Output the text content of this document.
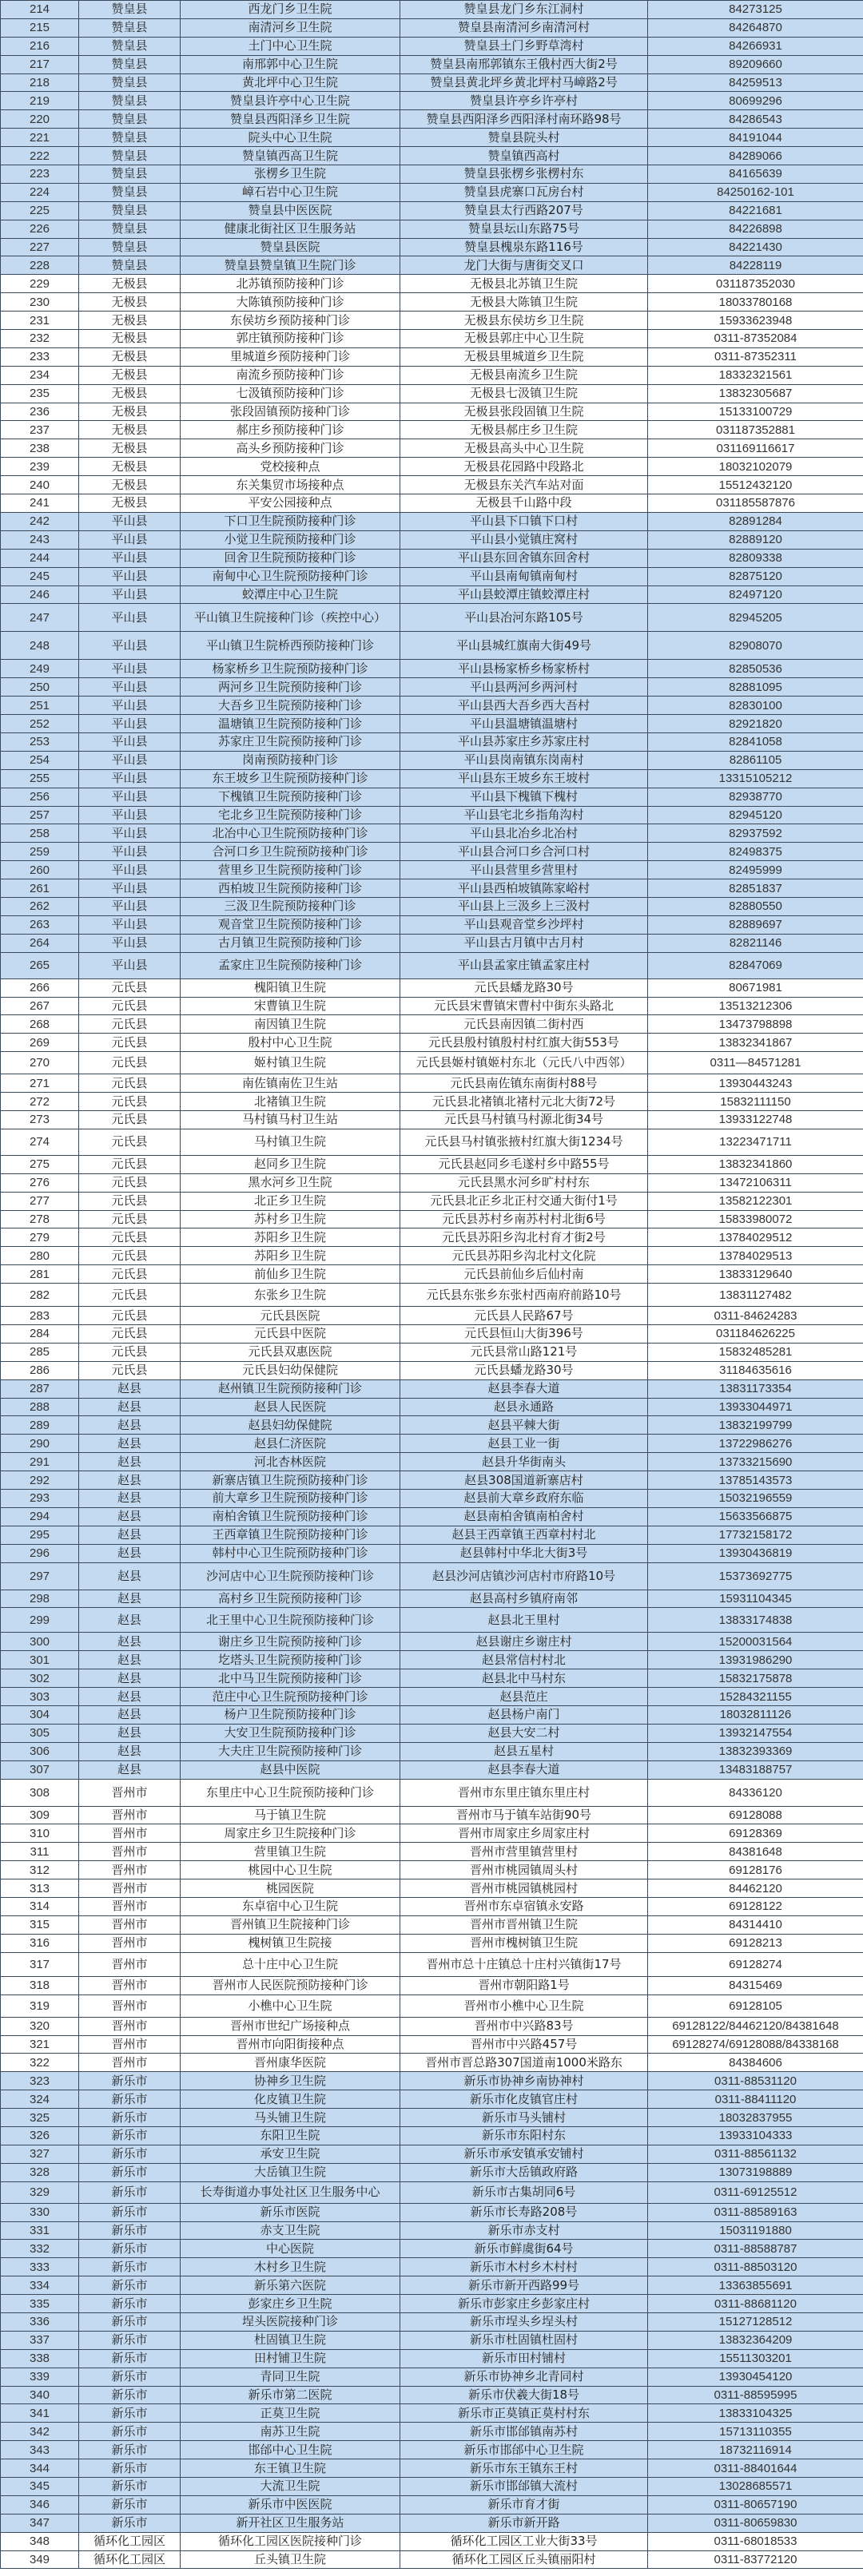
214	赞皇县	西龙门乡卫生院	赞皇县龙门乡东江洞村	84273125
215	赞皇县	南清河乡卫生院	赞皇县南清河乡南清河村	84264870
216	赞皇县	土门中心卫生院	赞皇县土门乡野草湾村	84266931
217	赞皇县	南邢郭中心卫生院	赞皇县南邢郭镇东王俄村西大街2号	89209660
218	赞皇县	黄北坪中心卫生院	赞皇县黄北坪乡黄北坪村马嶂路2号	84259513
219	赞皇县	赞皇县许亭中心卫生院	赞皇县许亭乡许亭村	80699296
220	赞皇县	赞皇县西阳泽乡卫生院	赞皇县西阳泽乡西阳泽村南环路98号	84286543
221	赞皇县	院头中心卫生院	赞皇县院头村	84191044
222	赞皇县	赞皇镇西高卫生院	赞皇镇西高村	84289066
223	赞皇县	张楞乡卫生院	赞皇县张楞乡张楞村东	84165639
224	赞皇县	嶂石岩中心卫生院	赞皇县虎寨口瓦房台村	84250162-101
225	赞皇县	赞皇县中医医院	赞皇县太行西路207号	84221681
226	赞皇县	健康北街社区卫生服务站	赞皇县坛山东路75号	84226898
227	赞皇县	赞皇县医院	赞皇县槐泉东路116号	84221430
228	赞皇县	赞皇县赞皇镇卫生院门诊	龙门大街与唐街交叉口	84228119
229	无极县	北苏镇预防接种门诊	无极县北苏镇卫生院	031187352030
230	无极县	大陈镇预防接种门诊	无极县大陈镇卫生院	18033780168
231	无极县	东侯坊乡预防接种门诊	无极县东侯坊乡卫生院	15933623948
232	无极县	郭庄镇预防接种门诊	无极县郭庄中心卫生院	0311-87352084
233	无极县	里城道乡预防接种门诊	无极县里城道乡卫生院	0311-87352311
234	无极县	南流乡预防接种门诊	无极县南流乡卫生院	18332321561
235	无极县	七汲镇预防接种门诊	无极县七汲镇卫生院	13832305687
236	无极县	张段固镇预防接种门诊	无极县张段固镇卫生院	15133100729
237	无极县	郝庄乡预防接种门诊	无极县郝庄乡卫生院	031187352881
238	无极县	高头乡预防接种门诊	无极县高头中心卫生院	031169116617
239	无极县	党校接种点	无极县花园路中段路北	18032102079
240	无极县	东关集贸市场接种点	无极县东关汽车站对面	15512432120
241	无极县	平安公园接种点	无极县千山路中段	031185587876
242	平山县	下口卫生院预防接种门诊	平山县下口镇下口村	82891284
243	平山县	小觉卫生院预防接种门诊	平山县小觉镇庄窝村	82889120
244	平山县	回舍卫生院预防接种门诊	平山县东回舍镇东回舍村	82809338
245	平山县	南甸中心卫生院预防接种门诊	平山县南甸镇南甸村	82875120
246	平山县	蛟潭庄中心卫生院	平山县蛟潭庄镇蛟潭庄村	82497120
247	平山县	平山镇卫生院接种门诊（疾控中心）	平山县冶河东路105号	82945205
248	平山县	平山镇卫生院桥西预防接种门诊	平山县城红旗南大街49号	82908070
249	平山县	杨家桥乡卫生院预防接种门诊	平山县杨家桥乡杨家桥村	82850536
250	平山县	两河乡卫生院预防接种门诊	平山县两河乡两河村	82881095
251	平山县	大吾乡卫生院预防接种门诊	平山县西大吾乡西大吾村	82830100
252	平山县	温塘镇卫生院预防接种门诊	平山县温塘镇温塘村	82921820
253	平山县	苏家庄卫生院预防接种门诊	平山县苏家庄乡苏家庄村	82841058
254	平山县	岗南预防接种门诊	平山县岗南镇东岗南村	82861105
255	平山县	东王坡乡卫生院预防接种门诊	平山县东王坡乡东王坡村	13315105212
256	平山县	下槐镇卫生院预防接种门诊	平山县下槐镇下槐村	82938770
257	平山县	宅北乡卫生院预防接种门诊	平山县宅北乡指角沟村	82945120
258	平山县	北冶中心卫生院预防接种门诊	平山县北冶乡北冶村	82937592
259	平山县	合河口乡卫生院预防接种门诊	平山县合河口乡合河口村	82498375
260	平山县	营里乡卫生院预防接种门诊	平山县营里乡营里村	82495999
261	平山县	西柏坡卫生院预防接种门诊	平山县西柏坡镇陈家峪村	82851837
262	平山县	三汲卫生院预防接种门诊	平山县上三汲乡上三汲村	82880550
263	平山县	观音堂卫生院预防接种门诊	平山县观音堂乡沙坪村	82889697
264	平山县	古月镇卫生院预防接种门诊	平山县古月镇中古月村	82821146
265	平山县	孟家庄卫生院预防接种门诊	平山县孟家庄镇孟家庄村	82847069
266	元氏县	槐阳镇卫生院	元氏县蟠龙路30号	80671981
267	元氏县	宋曹镇卫生院	元氏县宋曹镇宋曹村中街东头路北	13513212306
268	元氏县	南因镇卫生院	元氏县南因镇二街村西	13473798898
269	元氏县	殷村中心卫生院	元氏县殷村镇殷村村红旗大街553号	13832341867
270	元氏县	姬村镇卫生院	元氏县姬村镇姬村东北（元氏八中西邻）	0311—84571281
271	元氏县	南佐镇南佐卫生站	元氏县南佐镇东南街村88号	13930443243
272	元氏县	北褚镇卫生院	元氏县北褚镇北褚村元北大街72号	15832111150
273	元氏县	马村镇马村卫生站	元氏县马村镇马村源北街34号	13933122748
274	元氏县	马村镇卫生院	元氏县马村镇张掖村红旗大街1234号	13223471711
275	元氏县	赵同乡卫生院	元氏县赵同乡毛遂村乡中路55号	13832341860
276	元氏县	黑水河乡卫生院	元氏县黑水河乡旷村村东	13472106311
277	元氏县	北正乡卫生院	元氏县北正乡北正村交通大街付1号	13582122301
278	元氏县	苏村乡卫生院	元氏县苏村乡南苏村村北街6号	15833980072
279	元氏县	苏阳乡卫生院	元氏县苏阳乡沟北村育才街2号	13784029512
280	元氏县	苏阳乡卫生院	元氏县苏阳乡沟北村文化院	13784029513
281	元氏县	前仙乡卫生院	元氏县前仙乡后仙村南	13833129640
282	元氏县	东张乡卫生院	元氏县东张乡东张村西南府前路10号	13831127482
283	元氏县	元氏县医院	元氏县人民路67号	0311-84624283
284	元氏县	元氏县中医院	元氏县恒山大街396号	031184626225
285	元氏县	元氏县双惠医院	元氏县常山路121号	15832485281
286	元氏县	元氏县妇幼保健院	元氏县蟠龙路30号	31184635616
287	赵县	赵州镇卫生院预防接种门诊	赵县李春大道	13831173354
288	赵县	赵县人民医院	赵县永通路	13933044971
289	赵县	赵县妇幼保健院	赵县平棘大街	13832199799
290	赵县	赵县仁济医院	赵县工业一街	13722986276
291	赵县	河北杏林医院	赵县升华街南头	13733215690
292	赵县	新寨店镇卫生院预防接种门诊	赵县308国道新寨店村	13785143573
293	赵县	前大章乡卫生院预防接种门诊	赵县前大章乡政府东临	15032196559
294	赵县	南柏舍镇卫生院预防接种门诊	赵县南柏舍镇南柏舍村	15633566875
295	赵县	王西章镇卫生院预防接种门诊	赵县王西章镇王西章村村北	17732158172
296	赵县	韩村中心卫生院预防接种门诊	赵县韩村中华北大街3号	13930436819
297	赵县	沙河店中心卫生院预防接种门诊	赵县沙河店镇沙河店村市府路10号	15373692775
298	赵县	高村乡卫生院预防接种门诊	赵县高村乡镇府南邻	15931104345
299	赵县	北王里中心卫生院预防接种门诊	赵县北王里村	13833174838
300	赵县	谢庄乡卫生院预防接种门诊	赵县谢庄乡谢庄村	15200031564
301	赵县	圪塔头卫生院预防接种门诊	赵县常信村村北	13931986290
302	赵县	北中马卫生院预防接种门诊	赵县北中马村东	15832175878
303	赵县	范庄中心卫生院预防接种门诊	赵县范庄	15284321155
304	赵县	杨户卫生院预防接种门诊	赵县杨户南门	18032811126
305	赵县	大安卫生院预防接种门诊	赵县大安二村	13932147554
306	赵县	大夫庄卫生院预防接种门诊	赵县五星村	13832393369
307	赵县	赵县中医院	赵县李春大道	13483188757
308	晋州市	东里庄中心卫生院预防接种门诊	晋州市东里庄镇东里庄村	84336120
309	晋州市	马于镇卫生院	晋州市马于镇车站街90号	69128088
310	晋州市	周家庄乡卫生院接种门诊	晋州市周家庄乡周家庄村	69128369
311	晋州市	营里镇卫生院	晋州市营里镇营里村	84381648
312	晋州市	桃园中心卫生院	晋州市桃园镇周头村	69128176
313	晋州市	桃园医院	晋州市桃园镇桃园村	84462120
314	晋州市	东卓宿中心卫生院	晋州市东卓宿镇永安路	69128122
315	晋州市	晋州镇卫生院接种门诊	晋州市晋州镇卫生院	84314410
316	晋州市	槐树镇卫生院接	晋州市槐树镇卫生院	69128213
317	晋州市	总十庄中心卫生院	晋州市总十庄镇总十庄村兴镇街17号	69128274
318	晋州市	晋州市人民医院预防接种门诊	晋州市朝阳路1号	84315469
319	晋州市	小樵中心卫生院	晋州市小樵中心卫生院	69128105
320	晋州市	晋州市世纪广场接种点	晋州市中兴路83号	69128122/84462120/84381648
321	晋州市	晋州市向阳街接种点	晋州市中兴路457号	69128274/69128088/84338168
322	晋州市	晋州康华医院	晋州市晋总路307国道南1000米路东	84384606
323	新乐市	协神乡卫生院	新乐市协神乡南协神村	0311-88531120
324	新乐市	化皮镇卫生院	新乐市化皮镇官庄村	0311-88411120
325	新乐市	马头铺卫生院	新乐市马头铺村	18032837955
326	新乐市	东阳卫生院	新乐市东阳村东	13933104333
327	新乐市	承安卫生院	新乐市承安镇承安铺村	0311-88561132
328	新乐市	大岳镇卫生院	新乐市大岳镇政府路	13073198889
329	新乐市	长寿街道办事处社区卫生服务中心	新乐市古集胡同6号	0311-69125512
330	新乐市	新乐市医院	新乐市长寿路208号	0311-88589163
331	新乐市	赤支卫生院	新乐市赤支村	15031191880
332	新乐市	中心医院	新乐市鲜虞街64号	0311-88588787
333	新乐市	木村乡卫生院	新乐市木村乡木村村	0311-88503120
334	新乐市	新乐第六医院	新乐市新开西路99号	13363855691
335	新乐市	彭家庄乡卫生院	新乐市彭家庄乡彭家庄村	0311-88681120
336	新乐市	埕头医院接种门诊	新乐市埕头乡埕头村	15127128512
337	新乐市	杜固镇卫生院	新乐市杜固镇杜固村	13832364209
338	新乐市	田村铺卫生院	新乐市田村铺村	15511303201
339	新乐市	青同卫生院	新乐市协神乡北青同村	13930454120
340	新乐市	新乐市第二医院	新乐市伏羲大街18号	0311-88595995
341	新乐市	正莫卫生院	新乐市正莫镇正莫村村东	13833104325
342	新乐市	南苏卫生院	新乐市邯邰镇南苏村	15713110355
343	新乐市	邯邰中心卫生院	新乐市邯邰中心卫生院	18732116914
344	新乐市	东王镇卫生院	新乐市东王镇东王村	0311-88401644
345	新乐市	大流卫生院	新乐市邯邰镇大流村	13028685571
346	新乐市	新乐市中医医院	新乐市育才街	0311-80657190
347	新乐市	新开社区卫生服务站	新乐市新开路	0311-80659830
348	循环化工园区	循环化工园区医院接种门诊	循环化工园区工业大街33号	0311-68018533
349	循环化工园区	丘头镇卫生院	循环化工园区丘头镇丽阳村	0311-83772120
